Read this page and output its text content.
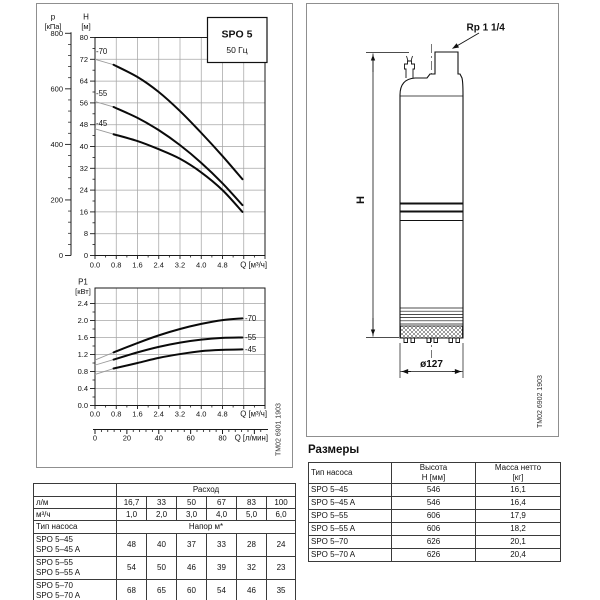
0.0 0.8 1.6 2.4 3.2 4.0 4.8 Q [м³/ч]
0
8
16
24
32
40
48
56
64
72
80
H
[м]
0
200
400
600
800
p
[кПа]
-70
-55
-45
0.0 0.8 1.6 2.4 3.2 4.0 4.8 Q [м³/ч]
0.0
0.4
0.8
1.2
1.6
2.0
2.4
P1
[кВт]
-70
-55
-45
0	20	40	60	80 Q [л/мин]
SPO 5
50 Гц
TM02 6901 1903
H
Rp 1 1/4
ø127
TM02 6902 1903
Размеры
Тип насоса	
Высота
Н [мм]

Масса нетто
[кг]

SPO 5–45	546	16,1
SPO 5–45 A	546	16,4
SPO 5–55	606	17,9
SPO 5–55 A	606	18,2
SPO 5–70	626	20,1
SPO 5–70 A	626	20,4
	Расход					
л/м	16,7	33	50	67	83	100
м³/ч	1,0	2,0	3,0	4,0	5,0	6,0
Тип насоса	Напор м*					

SPO 5–45
SPO 5–45 A	48	40	37	33	28	24

SPO 5–55
SPO 5–55 A	54	50	46	39	32	23

SPO 5–70
SPO 5–70 A	68	65	60	54	46	35
